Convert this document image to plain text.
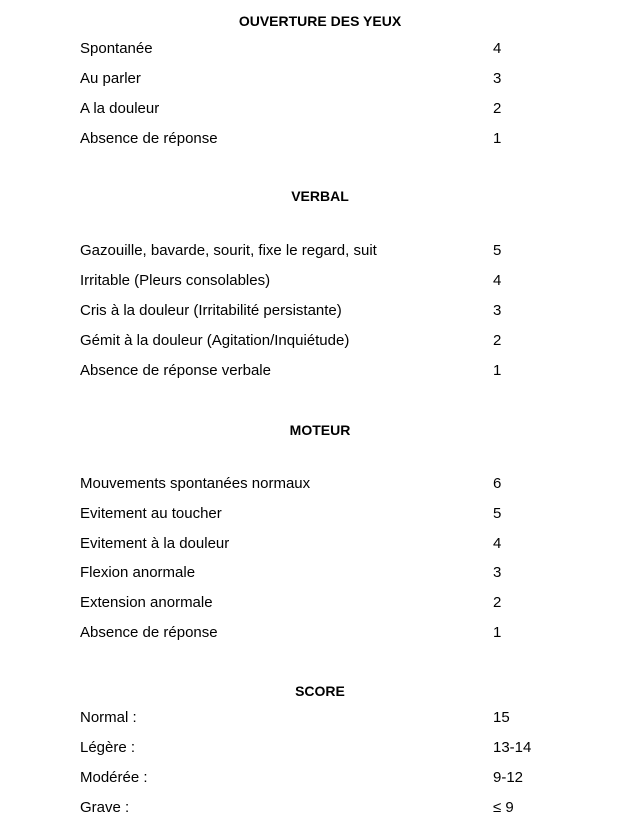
OUVERTURE DES YEUX
Spontanée	4
Au parler	3
A la douleur	2
Absence de réponse	1
VERBAL
Gazouille, bavarde, sourit, fixe le regard, suit	5
Irritable (Pleurs consolables)	4
Cris à la douleur (Irritabilité persistante)	3
Gémit à la douleur (Agitation/Inquiétude)	2
Absence de réponse verbale	1
MOTEUR
Mouvements spontanées normaux	6
Evitement au toucher	5
Evitement à la douleur	4
Flexion anormale	3
Extension anormale	2
Absence de réponse	1
SCORE
Normal :	15
Légère :	13-14
Modérée :	9-12
Grave :	≤ 9
